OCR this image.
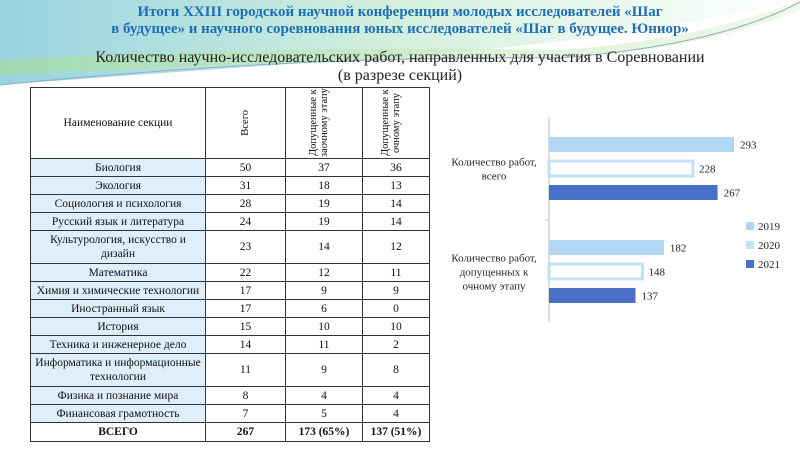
Итоги XXIII городской научной конференции молодых исследователей «Шаг
в будущее» и научного соревнования юных исследователей «Шаг в будущее. Юниор»
Количество научно-исследовательских работ, направленных для участия в Соревновании
(в разрезе секций)
Наименование секции	Всего	Допущенные к заочному этапу	Допущенные к очному этапу

Биология	50	37	36
Экология	31	18	13
Социология и психология	28	19	14
Русский язык и литература	24	19	14
Культурология, искусство и дизайн	23	14	12
Математика	22	12	11
Химия и химические технологии	17	9	9
Иностранный язык	17	6	0
История	15	10	10
Техника и инженерное дело	14	11	2
Информатика и информационные технологии	11	9	8
Физика и познание мира	8	4	4
Финансовая грамотность	7	5	4
ВСЕГО	267	173 (65%)	137 (51%)
Количество работ,
всего
293
228
267
Количество работ,
допущенных к
очному этапу
182
148
137
2019
2020
2021
